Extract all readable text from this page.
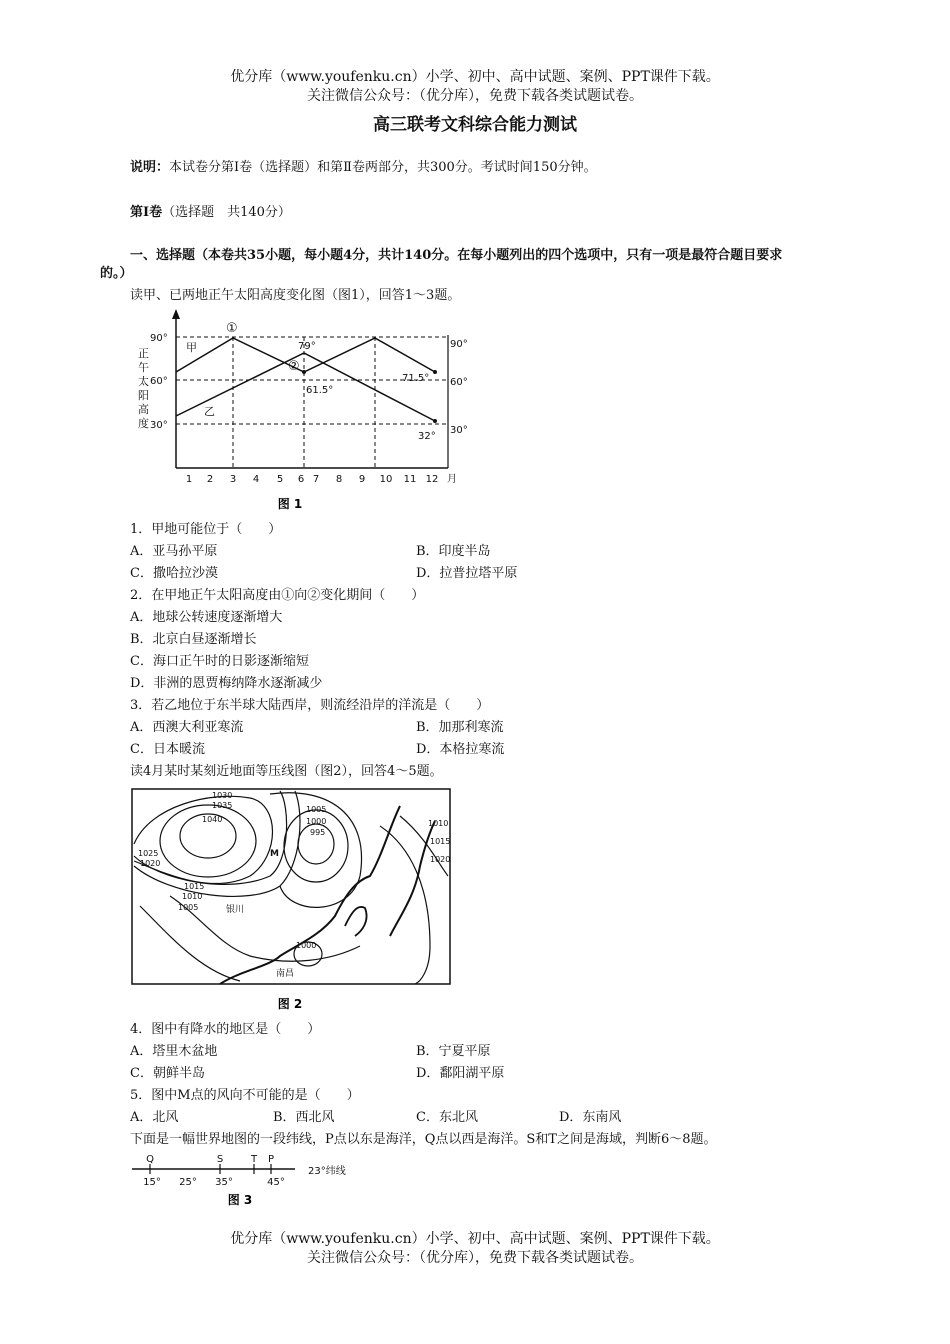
优分库（www.youfenku.cn）小学、初中、高中试题、案例、PPT课件下载。
关注微信公众号：（优分库），免费下载各类试题试卷。
高三联考文科综合能力测试
说明：本试卷分第Ⅰ卷（选择题）和第Ⅱ卷两部分，共300分。考试时间150分钟。
第Ⅰ卷（选择题　共140分）
一、选择题（本卷共35小题，每小题4分，共计140分。在每小题列出的四个选项中，只有一项是最符合题目要求
的。）
读甲、已两地正午太阳高度变化图（图1），回答1～3题。
正
午
太
阳
高
度
90°
60°
30°
90°
60°
30°
1 2 3 4 5 6 7 8 9 10 11 12 月
甲
乙
①
②
79°
61.5°
71.5°
32°
图 1
1．甲地可能位于（　　）
A．亚马孙平原	B．印度半岛
C．撒哈拉沙漠	D．拉普拉塔平原
2．在甲地正午太阳高度由①向②变化期间（　　）
A．地球公转速度逐渐增大
B．北京白昼逐渐增长
C．海口正午时的日影逐渐缩短
D．非洲的恩贾梅纳降水逐渐减少
3．若乙地位于东半球大陆西岸，则流经沿岸的洋流是（　　）
A．西澳大利亚寒流	B．加那利寒流
C．日本暖流	D．本格拉寒流
读4月某时某刻近地面等压线图（图2），回答4～5题。
1030
1035
1040
1025
1020
1015
1010
1005
1005
1000
995
1010
1015
1020
1000
银川
南昌
M
图 2
4．图中有降水的地区是（　　）
A．塔里木盆地	B．宁夏平原
C．朝鲜半岛	D．鄱阳湖平原
5．图中M点的风向不可能的是（　　）
A．北风	B．西北风	C．东北风	D．东南风
下面是一幅世界地图的一段纬线，P点以东是海洋，Q点以西是海洋。S和T之间是海域，判断6～8题。
Q	S	T P
15° 25° 35°	45°
23°纬线
图 3
优分库（www.youfenku.cn）小学、初中、高中试题、案例、PPT课件下载。
关注微信公众号：（优分库），免费下载各类试题试卷。
